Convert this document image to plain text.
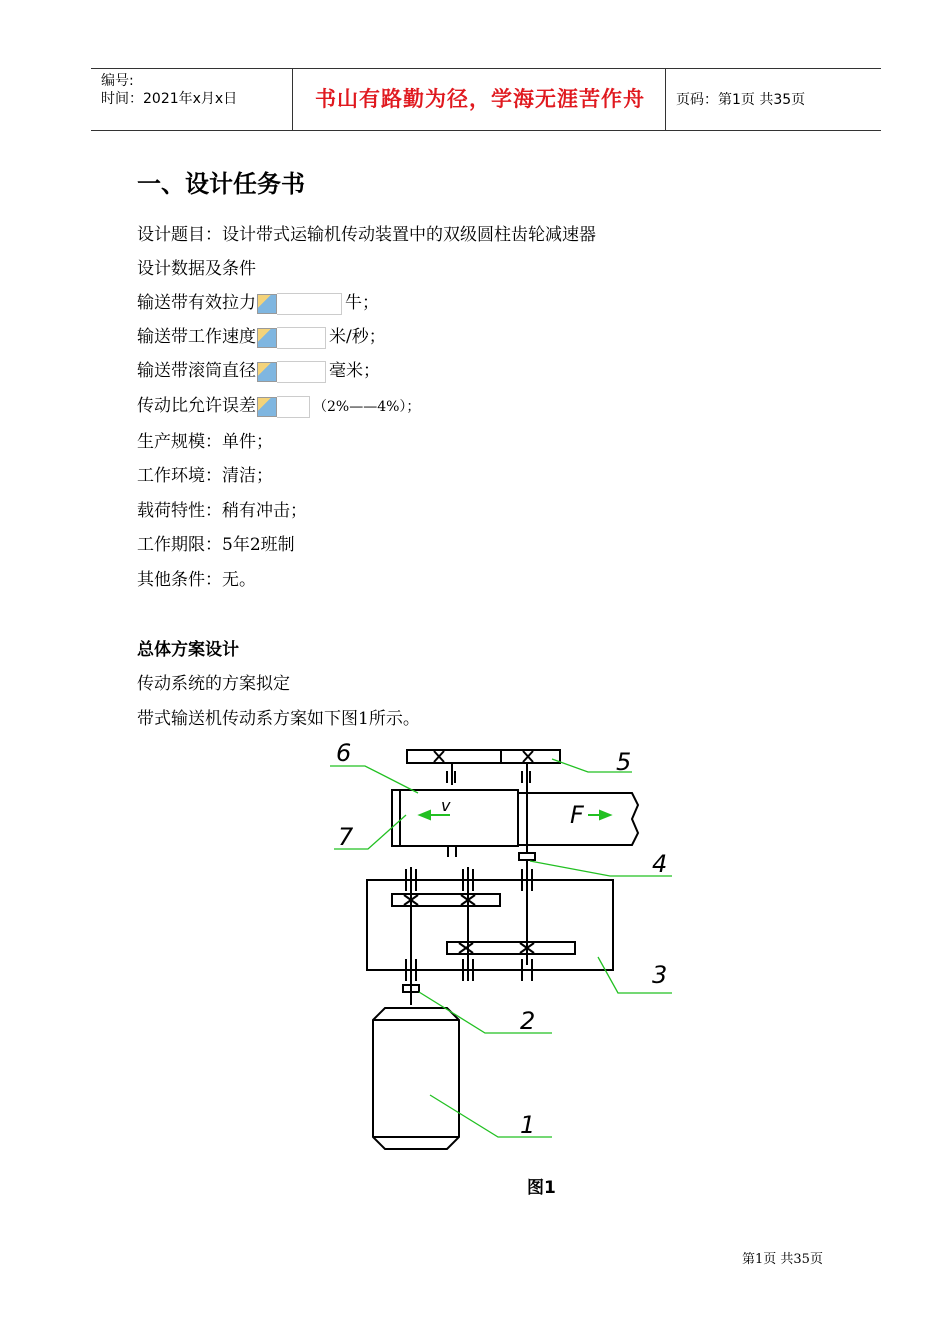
编号:
时间：2021年x月x日	书山有路勤为径，学海无涯苦作舟	页码：第1页 共35页
一、设计任务书
设计题目：设计带式运输机传动装置中的双级圆柱齿轮减速器
设计数据及条件
输送带有效拉力	牛；
输送带工作速度	米/秒；
输送带滚筒直径	毫米；
传动比允许误差	（2%——4%）；
生产规模：单件；
工作环境：清洁；
载荷特性：稍有冲击；
工作期限：5年2班制
其他条件：无。
总体方案设计
传动系统的方案拟定
带式输送机传动系方案如下图1所示。
1
2
3
4
5
6
7
v	F
图1
第1页 共35页
